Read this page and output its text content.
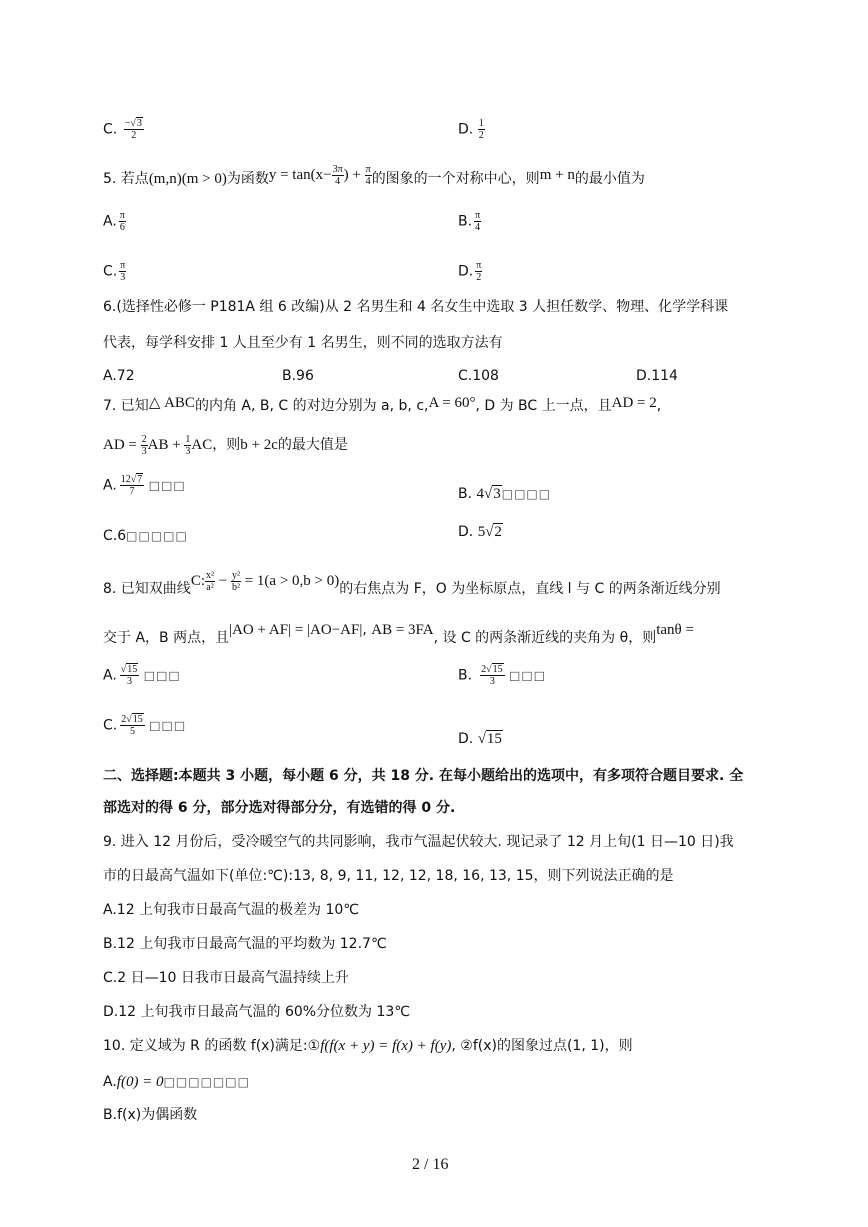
C. $\frac{-√3}{2}$	D. $\frac{1}{2}$
5. 若点(m,n)(m > 0)为函数$y = \tan(x- \frac{3\pi}{4}$ ) + $\frac{\pi}{4}$ 的图象的一个对称中心，则m + n的最小值为
A. $\frac{\pi}{6}$	B. $\frac{\pi}{4}$
C. $\frac{\pi}{3}$	D. $\frac{\pi}{2}$
6.(选择性必修一 P181A 组 6 改编)从 2 名男生和 4 名女生中选取 3 人担任数学、物理、化学学科课
代表，每学科安排 1 人且至少有 1 名男生，则不同的选取方法有
A.72	B.96	C.108	D.114
7. 已知△ ABC的内角 A, B, C 的对边分别为 a, b, c,A = 60°, D 为 BC 上一点，且AD = 2,
AD = $\frac{2}{3}$ AB + $\frac{1}{3}$ AC，则b + 2c的最大值是
A. $\frac{12√7}{7}$ □□□
B. 4√3□□□□
C.6□□□□□	D. 5√2
8. 已知双曲线C: $\frac{\text{x²}}{\text{a²}} - \frac{\text{y²}}{\text{b²}} = 1(a > 0,b > 0)$的右焦点为 F，O 为坐标原点，直线 l 与 C 的两条渐近线分别
交于 A，B 两点，且|AO + AF| = |AO−AF|, AB = 3FA, 设 C 的两条渐近线的夹角为 θ，则tanθ =
A. $\frac{√15}{3}$ □□□	B. $\frac{2√15}{3}$ □□□
C. $\frac{2√15}{5}$ □□□
D. √15
二、选择题:本题共 3 小题，每小题 6 分，共 18 分. 在每小题给出的选项中，有多项符合题目要求. 全
部选对的得 6 分，部分选对得部分分，有选错的得 0 分.
9. 进入 12 月份后，受冷暖空气的共同影响，我市气温起伏较大. 现记录了 12 月上旬(1 日—10 日)我
市的日最高气温如下(单位:℃):13, 8, 9, 11, 12, 12, 18, 16, 13, 15，则下列说法正确的是
A.12 上旬我市日最高气温的极差为 10℃
B.12 上旬我市日最高气温的平均数为 12.7℃
C.2 日—10 日我市日最高气温持续上升
D.12 上旬我市日最高气温的 60%分位数为 13℃
10. 定义域为 R 的函数 f(x)满足:①f(f(x + y) = f(x) + f(y), ②f(x)的图象过点(1, 1)，则
A.f(0) = 0□□□□□□□
B.f(x)为偶函数
2 / 16
